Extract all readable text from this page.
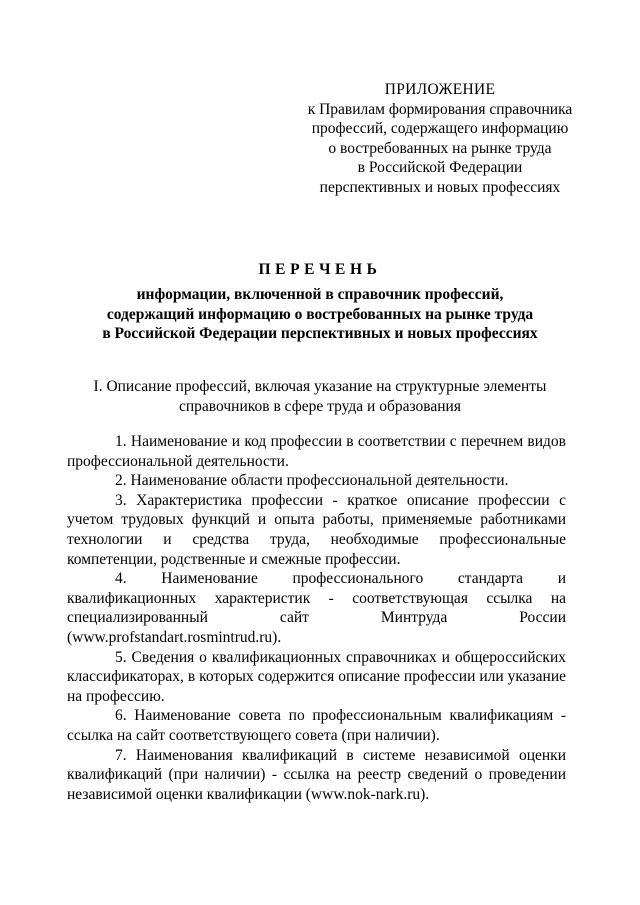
ПРИЛОЖЕНИЕ
к Правилам формирования справочника
профессий, содержащего информацию
о востребованных на рынке труда
в Российской Федерации
перспективных и новых профессиях
ПЕРЕЧЕНЬ
информации, включенной в справочник профессий,
содержащий информацию о востребованных на рынке труда
в Российской Федерации перспективных и новых профессиях
I. Описание профессий, включая указание на структурные элементы
справочников в сфере труда и образования

1. Наименование и код профессии в соответствии с перечнем видов профессиональной деятельности.

2. Наименование области профессиональной деятельности.

3. Характеристика профессии - краткое описание профессии с учетом трудовых функций и опыта работы, применяемые работниками технологии и средства труда, необходимые профессиональные компетенции, родственные и смежные профессии.

4. Наименование профессионального стандарта и квалификационных характеристик - соответствующая ссылка на специализированный сайт Минтруда России (www.profstandart.rosmintrud.ru).

5. Сведения о квалификационных справочниках и общероссийских классификаторах, в которых содержится описание профессии или указание на профессию.

6. Наименование совета по профессиональным квалификациям - ссылка на сайт соответствующего совета (при наличии).

7. Наименования квалификаций в системе независимой оценки квалификаций (при наличии) - ссылка на реестр сведений о проведении независимой оценки квалификации (www.nok-nark.ru).
